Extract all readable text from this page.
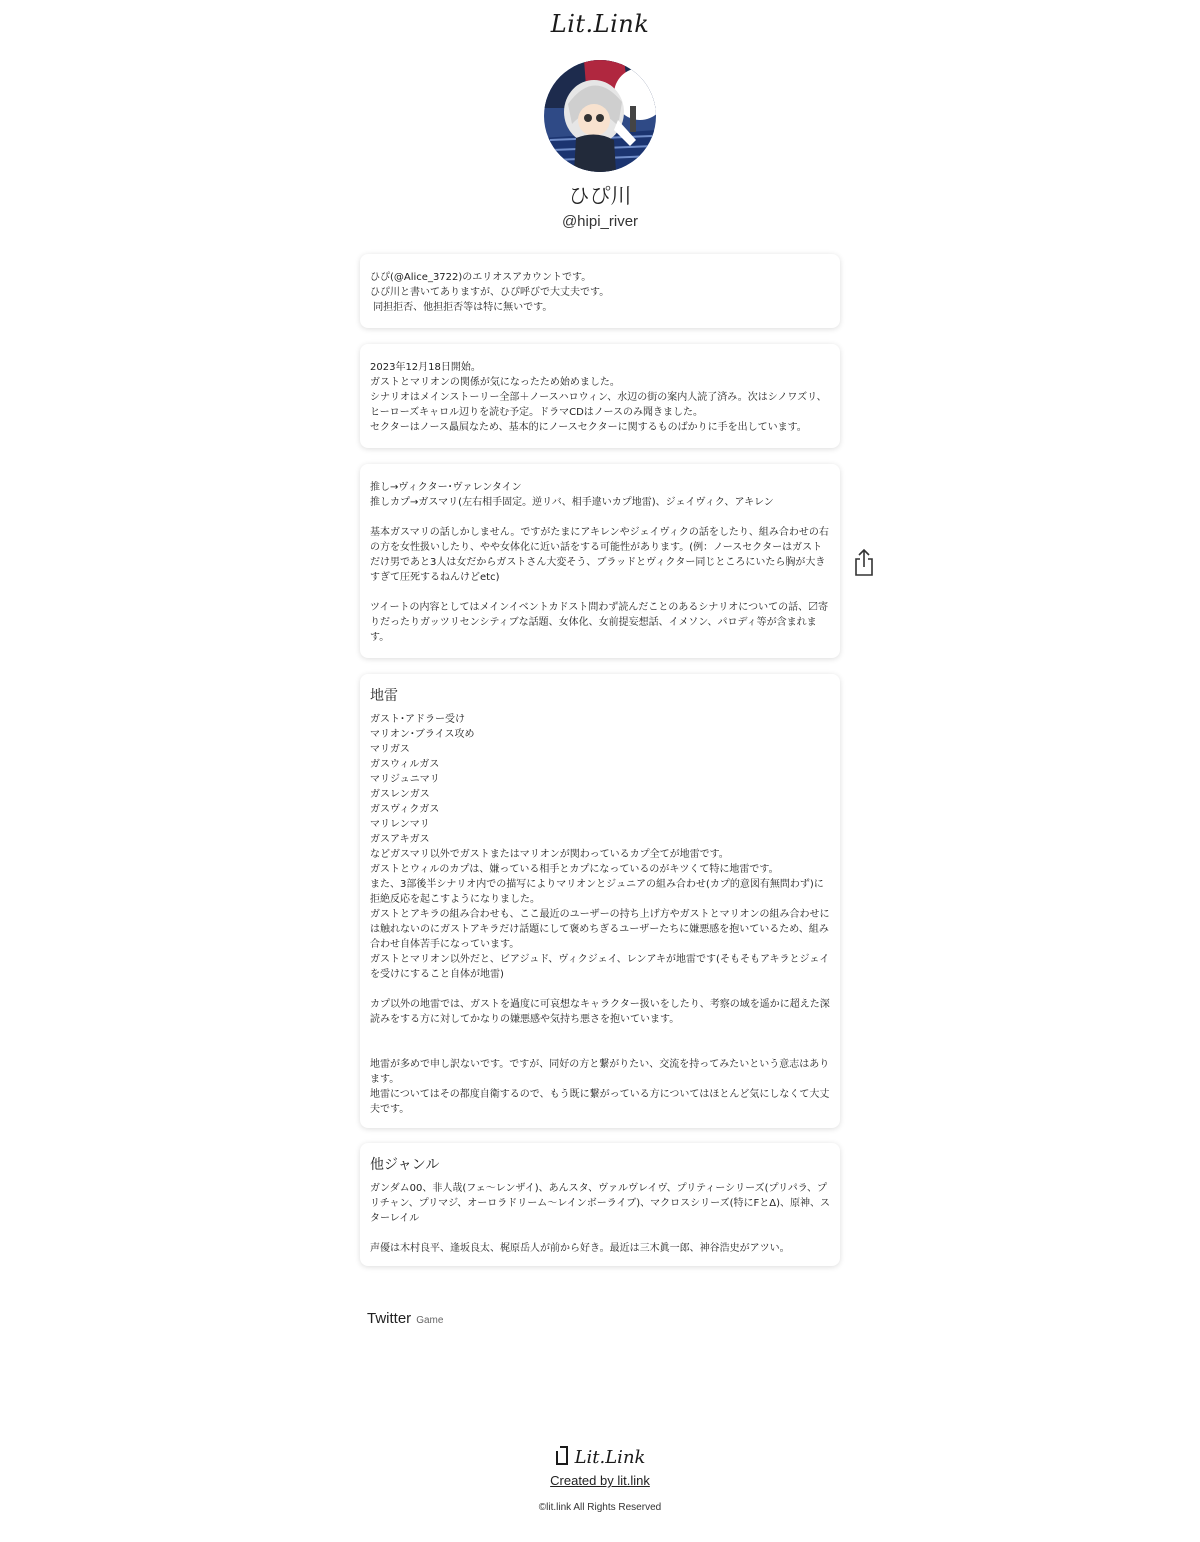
Lit.Link
ひぴ川
@hipi_river
ひぴ(@Alice_3722)のエリオスアカウントです。
ひぴ川と書いてありますが、ひぴ呼びで大丈夫です。
同担拒否、他担拒否等は特に無いです。
2023年12月18日開始。
ガストとマリオンの関係が気になったため始めました。
シナリオはメインストーリー全部＋ノースハロウィン、水辺の街の案内人読了済み。次はシノワズリ、ヒーローズキャロル辺りを読む予定。ドラマCDはノースのみ聞きました。
セクターはノース贔屓なため、基本的にノースセクターに関するものばかりに手を出しています。
推し→ヴィクター･ヴァレンタイン
推しカプ→ガスマリ(左右相手固定。逆リバ、相手違いカプ地雷)、ジェイヴィク、アキレン

基本ガスマリの話しかしません。ですがたまにアキレンやジェイヴィクの話をしたり、組み合わせの右の方を女性扱いしたり、やや女体化に近い話をする可能性があります。(例：ノースセクターはガストだけ男であと3人は女だからガストさん大変そう、ブラッドとヴィクター同じところにいたら胸が大きすぎて圧死するねんけどetc)

ツイートの内容としてはメインイベントカドスト問わず読んだことのあるシナリオについての話、〼寄りだったりガッツリセンシティブな話題、女体化、女前提妄想話、イメソン、パロディ等が含まれます。
地雷
ガスト･アドラー受け
マリオン･ブライス攻め
マリガス
ガスウィルガス
マリジュニマリ
ガスレンガス
ガスヴィクガス
マリレンマリ
ガスアキガス
などガスマリ以外でガストまたはマリオンが関わっているカプ全てが地雷です。
ガストとウィルのカプは、嫌っている相手とカプになっているのがキツくて特に地雷です。
また、3部後半シナリオ内での描写によりマリオンとジュニアの組み合わせ(カプ的意図有無問わず)に拒絶反応を起こすようになりました。
ガストとアキラの組み合わせも、ここ最近のユーザーの持ち上げ方やガストとマリオンの組み合わせには触れないのにガストアキラだけ話題にして褒めちぎるユーザーたちに嫌悪感を抱いているため、組み合わせ自体苦手になっています。
ガストとマリオン以外だと、ビアジュド、ヴィクジェイ、レンアキが地雷です(そもそもアキラとジェイを受けにすること自体が地雷)

カプ以外の地雷では、ガストを過度に可哀想なキャラクター扱いをしたり、考察の域を遥かに超えた深読みをする方に対してかなりの嫌悪感や気持ち悪さを抱いています。

地雷が多めで申し訳ないです。ですが、同好の方と繋がりたい、交流を持ってみたいという意志はあります。
地雷についてはその都度自衛するので、もう既に繋がっている方についてはほとんど気にしなくて大丈夫です。
他ジャンル
ガンダム00、非人哉(フェ〜レンザイ)、あんスタ、ヴァルヴレイヴ、プリティーシリーズ(プリパラ、プリチャン、プリマジ、オーロラドリーム〜レインボーライブ)、マクロスシリーズ(特にFとΔ)、原神、スターレイル

声優は木村良平、逢坂良太、梶原岳人が前から好き。最近は三木眞一郎、神谷浩史がアツい。
Twitter Game
Lit.Link
Created by lit.link
©lit.link All Rights Reserved
